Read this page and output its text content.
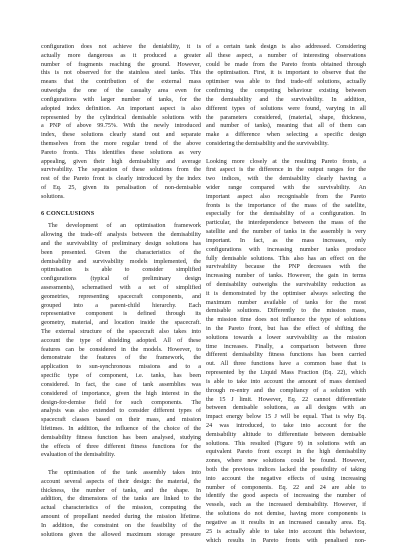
configuration does not achieve the deniability, it is
actually more dangerous as it produced a greater
number of fragments reaching the ground. However,
this is not observed for the stainless steel tanks. This
means that the contribution of the external mass
outweighs the one of the casualty area even for
configurations with larger number of tanks, for the
adopted index definition. An important aspect is also
represented by the cylindrical demisable solutions with
a PNP of above 99.75%. With the newly introduced
index, these solutions clearly stand out and separate
themselves from the more regular trend of the above
Pareto fronts. This identifies these solutions as very
appealing, given their high demisability and average
survivability. The separation of these solutions from the
rest of the Pareto front is clearly introduced by the index
of Eq. 25, given its penalisation of non-demisable
solutions.
6 CONCLUSIONS
The development of an optimisation framework
allowing the trade-off analysis between the demisability
and the survivability of preliminary design solutions has
been presented. Given the characteristics of the
demisability and survivability models implemented, the
optimisation is able to consider simplified
configurations (typical of preliminary design
assessments), schematised with a set of simplified
geometries, representing spacecraft components, and
grouped into a parent-child hierarchy. Each
representative component is defined through its
geometry, material, and location inside the spacecraft.
The external structure of the spacecraft also takes into
account the type of shielding adopted. All of these
features can be considered in the models. However, to
demonstrate the features of the framework, the
application to sun-synchronous missions and to a
specific type of component, i.e. tanks, has been
considered. In fact, the case of tank assemblies was
considered of importance, given the high interest in the
design-for-demise field for such components. The
analysis was also extended to consider different types of
spacecraft classes based on their mass, and mission
lifetimes. In addition, the influence of the choice of the
demisability fitness function has been analysed, studying
the effects of three different fitness functions for the
evaluation of the demisability.
The optimisation of the tank assembly takes into
account several aspects of their design: the material, the
thickness, the number of tanks, and the shape. In
addition, the dimensions of the tanks are linked to the
actual characteristics of the mission, computing the
amount of propellant needed during the mission lifetime.
In addition, the constraint on the feasibility of the
solutions given the allowed maximum storage pressure
of a certain tank design is also addressed. Considering
all these aspect, a number of interesting observations
could be made from the Pareto fronts obtained through
the optimisation. First, it is important to observe that the
optimiser was able to find trade-off solutions, actually
confirming the competing behaviour existing between
the demisability and the survivability. In addition,
different types of solutions were found, varying in all
the parameters considered, (material, shape, thickness,
and number of tanks), meaning that all of them can
make a difference when selecting a specific design
considering the demisability and the survivability.
Looking more closely at the resulting Pareto fronts, a
first aspect is the difference in the output ranges for the
two indices, with the demisability clearly having a
wider range compared with the survivability. An
important aspect also recognisable from the Pareto
fronts is the importance of the mass of the satellite,
especially for the demisability of a configuration. In
particular, the interdependence between the mass of the
satellite and the number of tanks in the assembly is very
important. In fact, as the mass increases, only
configurations with increasing number tanks produce
fully demisable solutions. This also has an effect on the
survivability because the PNP decreases with the
increasing number of tanks. However, the gain in terms
of demisability outweighs the survivability reduction as
it is demonstrated by the optimiser always selecting the
maximum number available of tanks for the most
demisable solutions. Differently to the mission mass,
the mission time does not influence the type of solutions
in the Pareto front, but has the effect of shifting the
solutions towards a lower survivability as the mission
time increases. Finally, a comparison between three
different demisability fitness functions has been carried
out. All three functions have a common base that is
represented by the Liquid Mass Fraction (Eq. 22), which
is able to take into account the amount of mass demised
through re-entry and the compliancy of a solution with
the 15 J limit. However, Eq. 22 cannot differentiate
between demisable solutions, as all designs with an
impact energy below 15 J will be equal. That is why Eq.
24 was introduced, to take into account for the
demisability altitude to differentiate between demisable
solutions. This resulted (Figure 9) in solutions with an
equivalent Pareto front except in the high demisability
zones, where new solutions could be found. However,
both the previous indices lacked the possibility of taking
into account the negative effects of using increasing
number of components. Eq. 22 and 24 are able to
identify the good aspects of increasing the number of
vessels, such as the increased demisability. However, if
the solutions do not demise, having more components is
negative as it results in an increased casualty area. Eq.
25 is actually able to take into account this behaviour,
which results in Pareto fronts with penalised non-
